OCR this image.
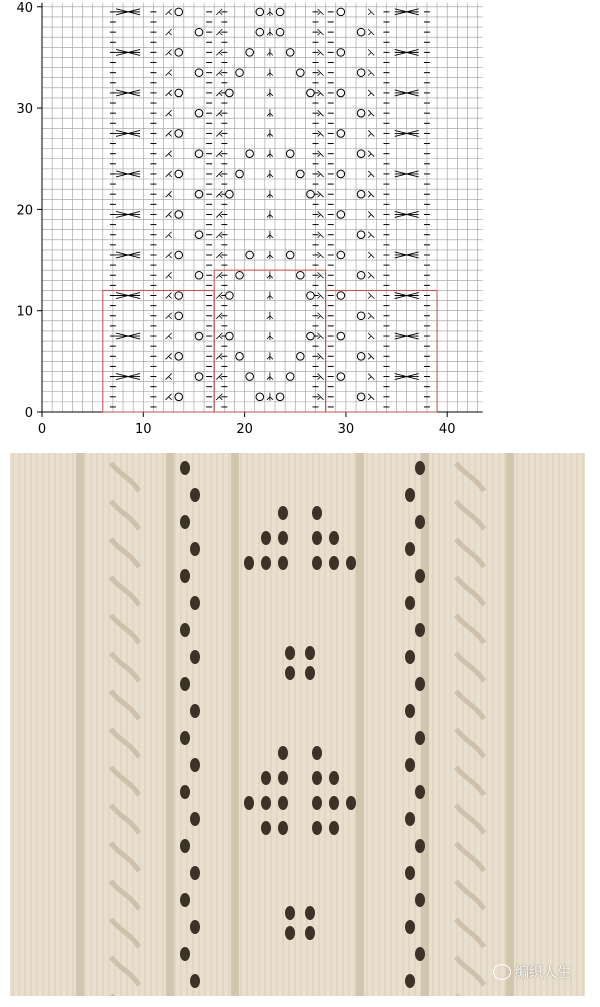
0	10	20	30	40
0
10
20
30
40
编织人生
